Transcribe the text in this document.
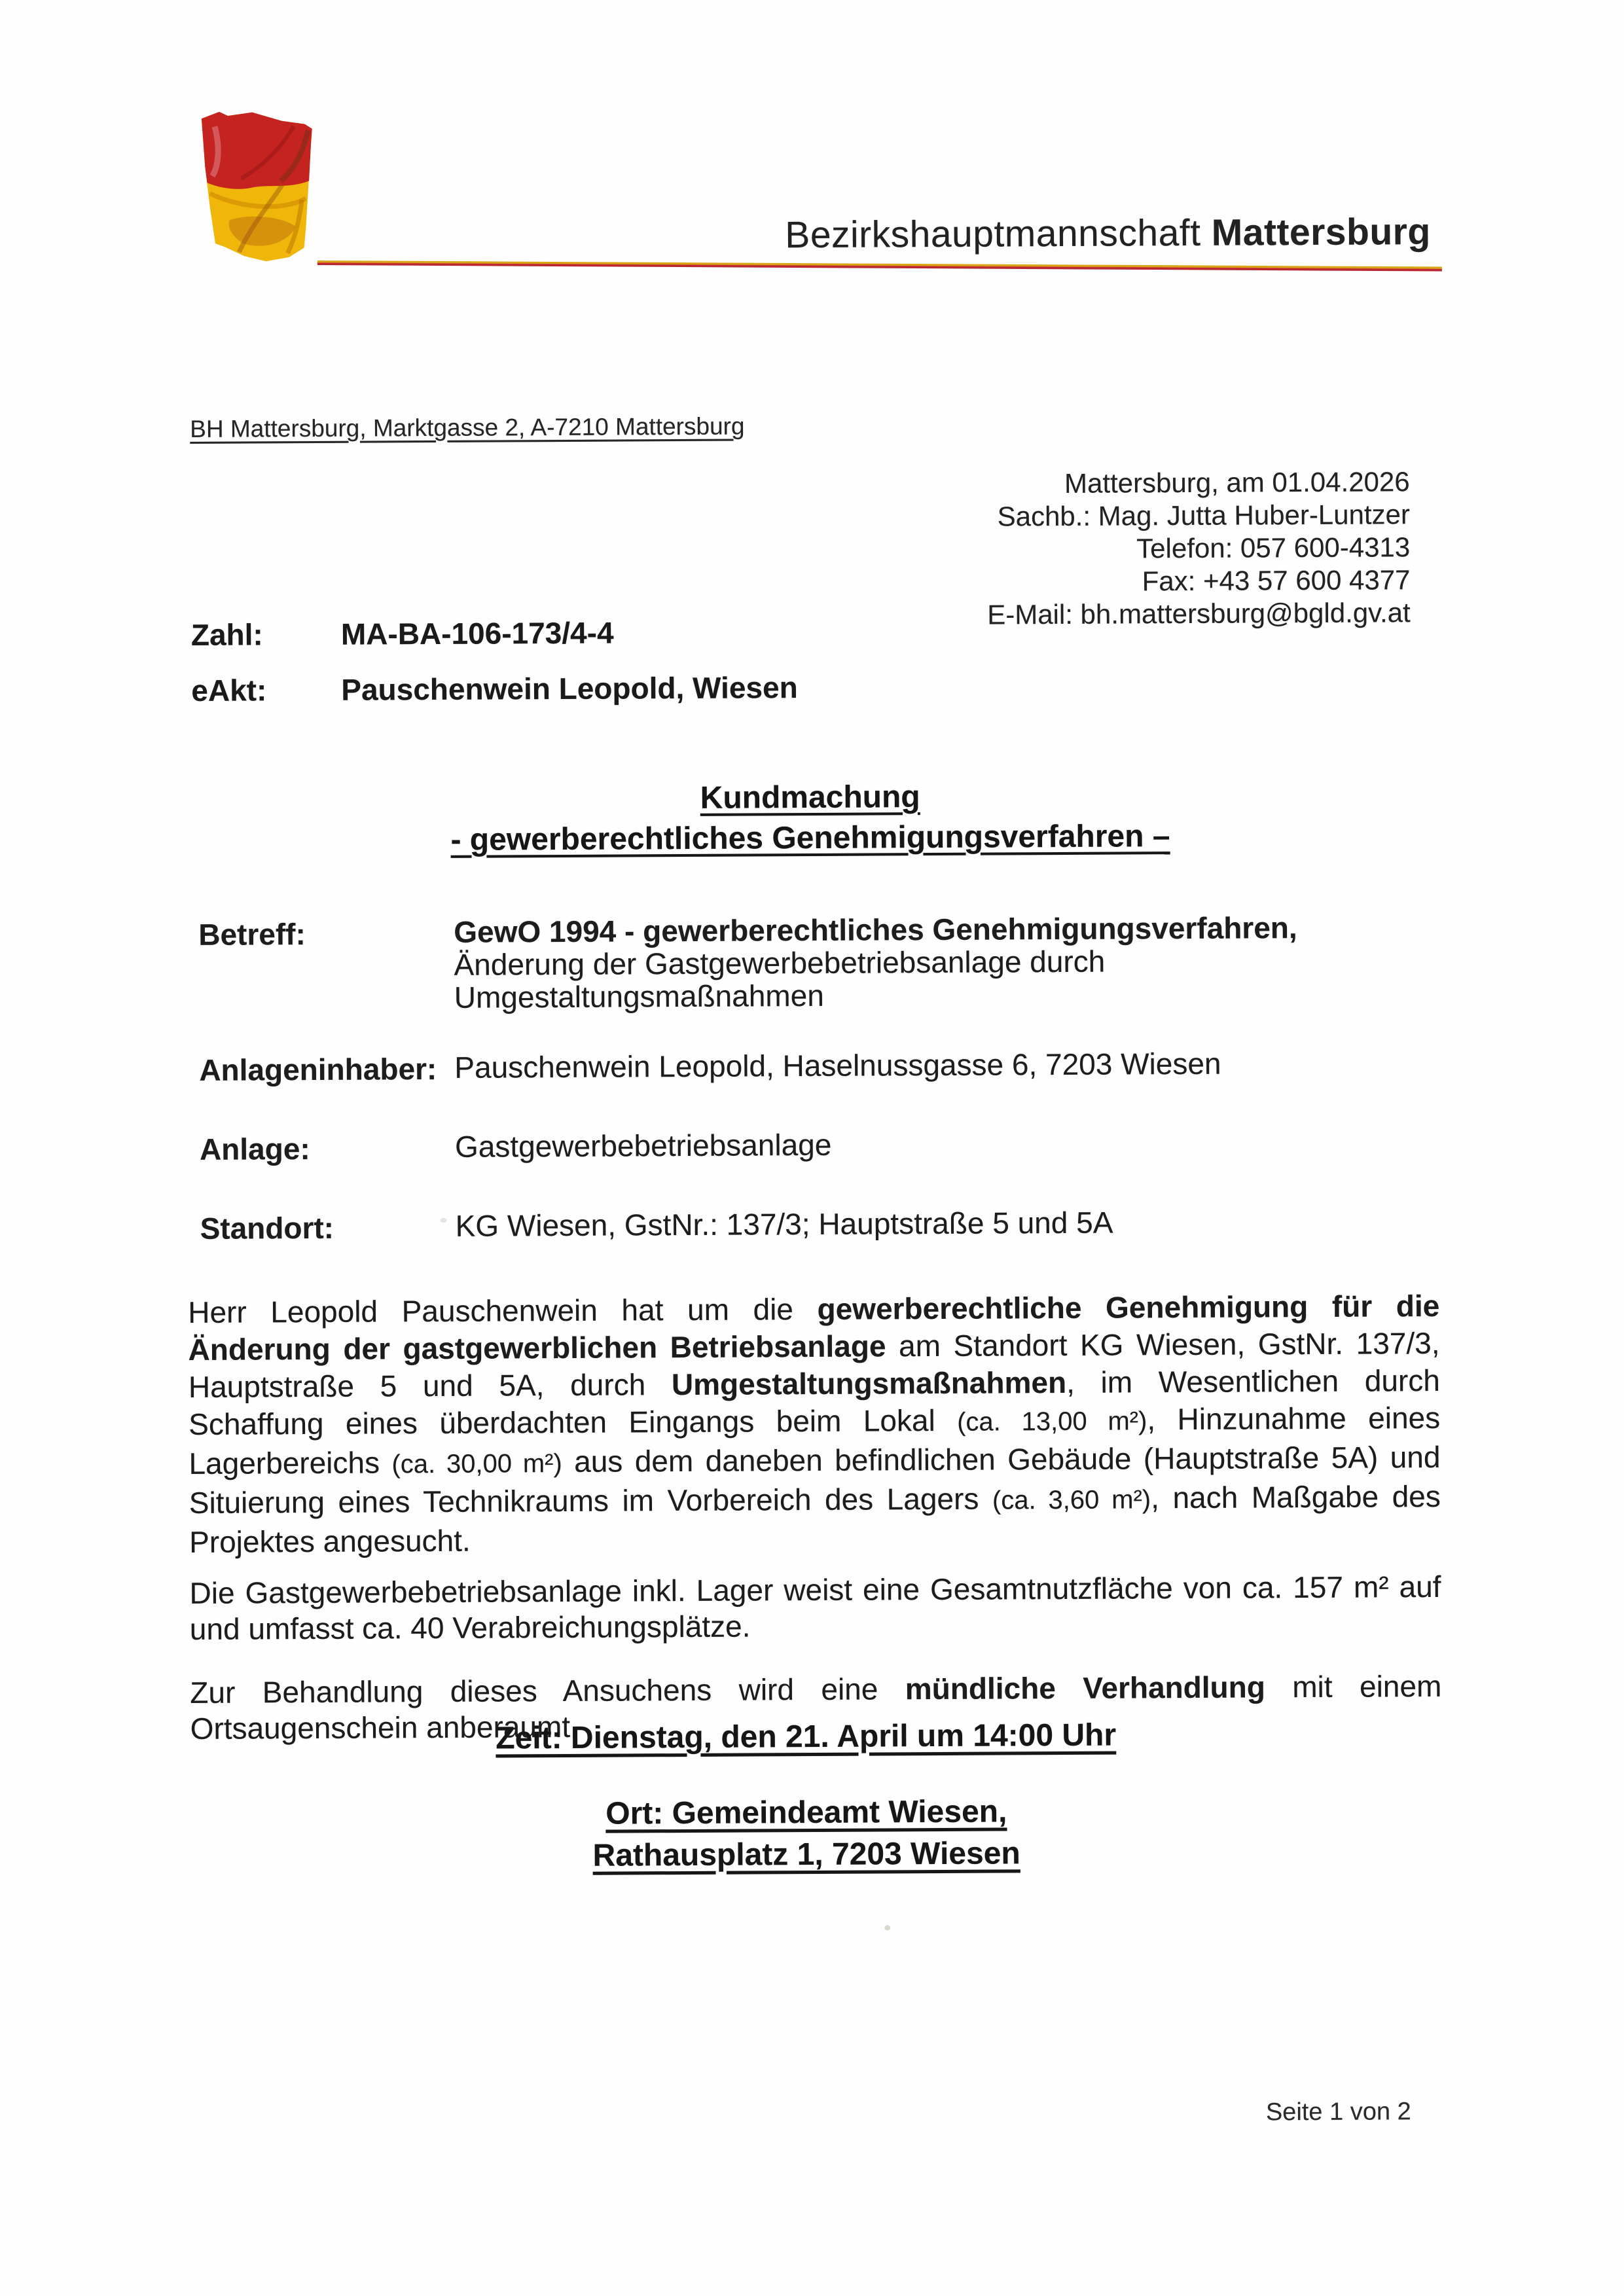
Bezirkshauptmannschaft Mattersburg
BH Mattersburg, Marktgasse 2, A-7210 Mattersburg
Mattersburg, am 01.04.2026
Sachb.: Mag. Jutta Huber-Luntzer
Telefon: 057 600-4313
Fax: +43 57 600 4377
E-Mail: bh.mattersburg@bgld.gv.at
Zahl:	MA-BA-106-173/4-4
eAkt:	Pauschenwein Leopold, Wiesen
Kundmachung
- gewerberechtliches Genehmigungsverfahren –
Betreff:	GewO 1994 - gewerberechtliches Genehmigungsverfahren,
Änderung der Gastgewerbebetriebsanlage durch
Umgestaltungsmaßnahmen
Anlageninhaber: Pauschenwein Leopold, Haselnussgasse 6, 7203 Wiesen
Anlage:	Gastgewerbebetriebsanlage
Standort:	KG Wiesen, GstNr.: 137/3; Hauptstraße 5 und 5A

Herr Leopold Pauschenwein hat um die gewerberechtliche Genehmigung für die Änderung der gastgewerblichen Betriebsanlage am Standort KG Wiesen, GstNr. 137/3, Hauptstraße 5 und 5A, durch Umgestaltungsmaßnahmen, im Wesentlichen durch Schaffung eines überdachten Eingangs beim Lokal (ca. 13,00 m²), Hinzunahme eines Lagerbereichs (ca. 30,00 m²) aus dem daneben befindlichen Gebäude (Hauptstraße 5A) und Situierung eines Technikraums im Vorbereich des Lagers (ca. 3,60 m²), nach Maßgabe des Projektes angesucht.

Die Gastgewerbebetriebsanlage inkl. Lager weist eine Gesamtnutzfläche von ca. 157 m² auf und umfasst ca. 40 Verabreichungsplätze.

Zur Behandlung dieses Ansuchens wird eine mündliche Verhandlung mit einem Ortsaugenschein anberaumt.

Zeit: Dienstag, den 21. April um 14:00 Uhr
Ort: Gemeindeamt Wiesen,
Rathausplatz 1, 7203 Wiesen
Seite 1 von 2
